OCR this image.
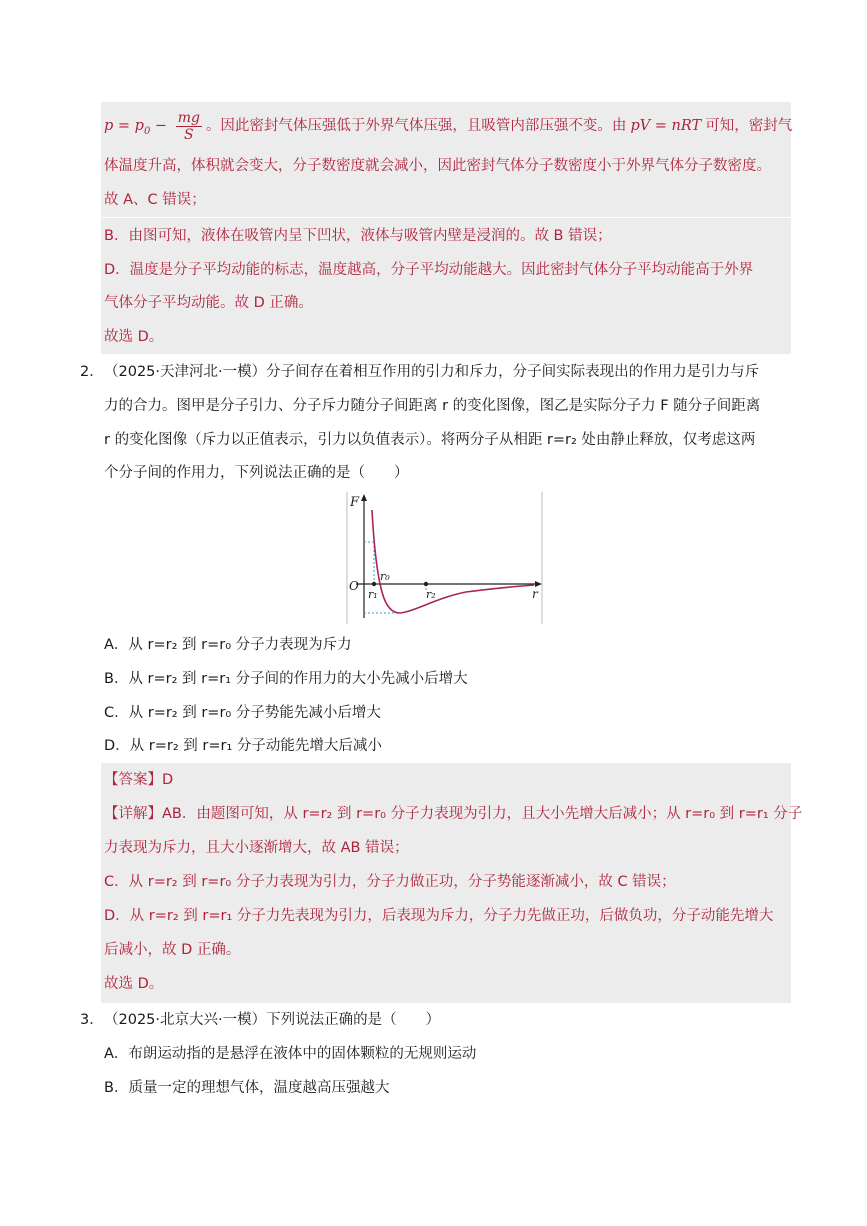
$p = p_0 - \frac{mg}{S}$ 。因此密封气体压强低于外界气体压强，且吸管内部压强不变。由 pV = nRT 可知，密封气
体温度升高，体积就会变大，分子数密度就会减小，因此密封气体分子数密度小于外界气体分子数密度。
故 A、C 错误；
B．由图可知，液体在吸管内呈下凹状，液体与吸管内壁是浸润的。故 B 错误；
D．温度是分子平均动能的标志，温度越高，分子平均动能越大。因此密封气体分子平均动能高于外界
气体分子平均动能。故 D 正确。
故选 D。
2． （2025·天津河北·一模）分子间存在着相互作用的引力和斥力，分子间实际表现出的作用力是引力与斥
力的合力。图甲是分子引力、分子斥力随分子间距离 r 的变化图像，图乙是实际分子力 F 随分子间距离
r 的变化图像（斥力以正值表示，引力以负值表示）。将两分子从相距 r=r₂ 处由静止释放，仅考虑这两
个分子间的作用力，下列说法正确的是（　　）
F
O
r₀
r₁	r₂	r
A．从 r=r₂ 到 r=r₀ 分子力表现为斥力
B．从 r=r₂ 到 r=r₁ 分子间的作用力的大小先减小后增大
C．从 r=r₂ 到 r=r₀ 分子势能先减小后增大
D．从 r=r₂ 到 r=r₁ 分子动能先增大后减小
【答案】D
【详解】AB．由题图可知，从 r=r₂ 到 r=r₀ 分子力表现为引力，且大小先增大后减小；从 r=r₀ 到 r=r₁ 分子
力表现为斥力，且大小逐渐增大，故 AB 错误；
C．从 r=r₂ 到 r=r₀ 分子力表现为引力，分子力做正功，分子势能逐渐减小，故 C 错误；
D．从 r=r₂ 到 r=r₁ 分子力先表现为引力，后表现为斥力，分子力先做正功，后做负功，分子动能先增大
后减小，故 D 正确。
故选 D。
3． （2025·北京大兴·一模）下列说法正确的是（　　）
A．布朗运动指的是悬浮在液体中的固体颗粒的无规则运动
B．质量一定的理想气体，温度越高压强越大
